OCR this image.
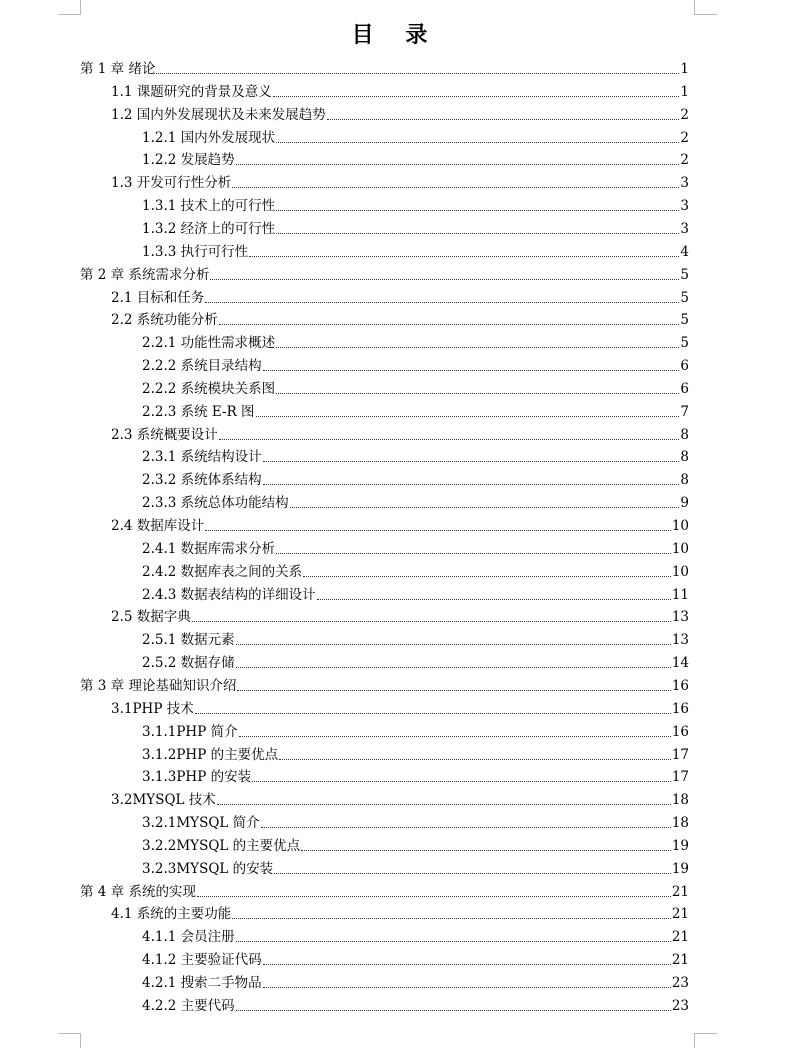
目 录
第 1 章 绪论	1
1.1 课题研究的背景及意义	1
1.2 国内外发展现状及未来发展趋势	2
1.2.1 国内外发展现状	2
1.2.2 发展趋势	2
1.3 开发可行性分析	3
1.3.1 技术上的可行性	3
1.3.2 经济上的可行性	3
1.3.3 执行可行性	4
第 2 章 系统需求分析	5
2.1 目标和任务	5
2.2 系统功能分析	5
2.2.1 功能性需求概述	5
2.2.2 系统目录结构	6
2.2.2 系统模块关系图	6
2.2.3 系统 E-R 图	7
2.3 系统概要设计	8
2.3.1 系统结构设计	8
2.3.2 系统体系结构	8
2.3.3 系统总体功能结构	9
2.4 数据库设计	10
2.4.1 数据库需求分析	10
2.4.2 数据库表之间的关系	10
2.4.3 数据表结构的详细设计	11
2.5 数据字典	13
2.5.1 数据元素	13
2.5.2 数据存储	14
第 3 章 理论基础知识介绍	16
3.1PHP 技术	16
3.1.1PHP 简介	16
3.1.2PHP 的主要优点	17
3.1.3PHP 的安装	17
3.2MYSQL 技术	18
3.2.1MYSQL 简介	18
3.2.2MYSQL 的主要优点	19
3.2.3MYSQL 的安装	19
第 4 章 系统的实现	21
4.1 系统的主要功能	21
4.1.1 会员注册	21
4.1.2 主要验证代码	21
4.2.1 搜索二手物品	23
4.2.2 主要代码	23
